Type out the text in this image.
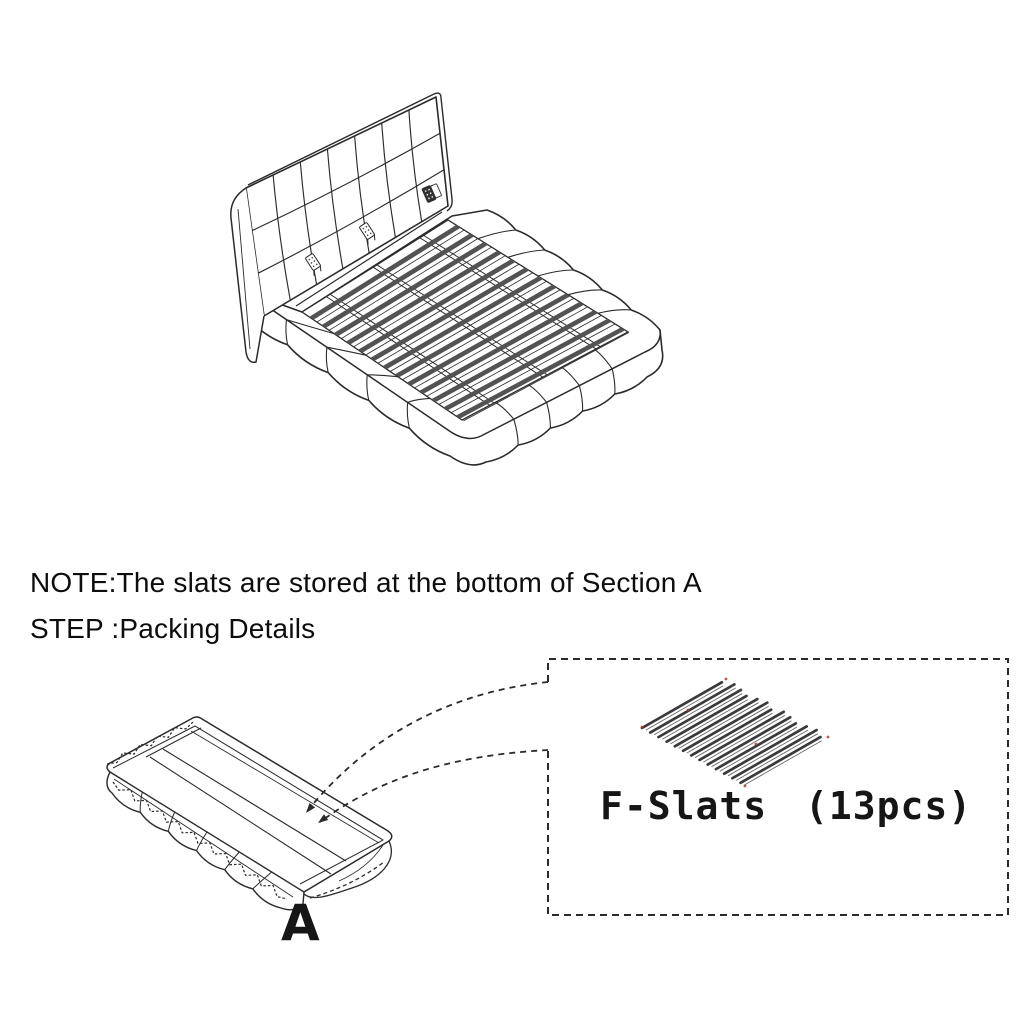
NOTE:The slats are stored at the bottom of Section A
STEP :Packing Details
F-Slats (13pcs)
A
